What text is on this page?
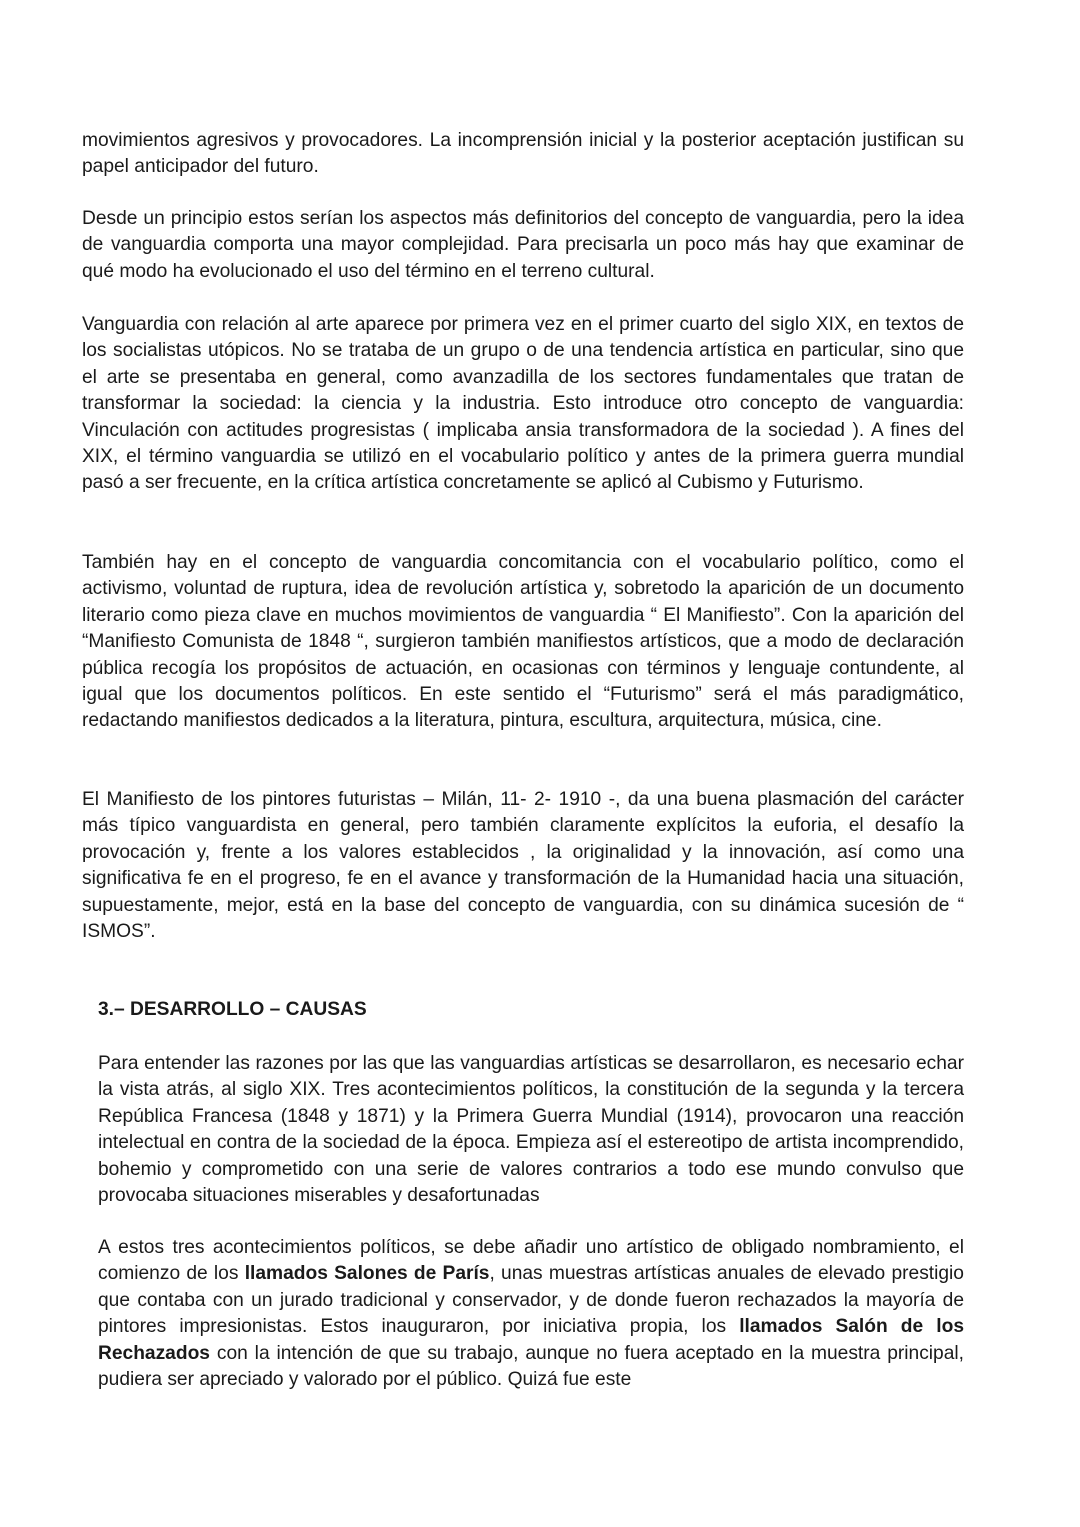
movimientos agresivos y provocadores. La incomprensión inicial y la posterior aceptación justifican su papel anticipador del futuro.

Desde un principio estos serían los aspectos más definitorios del concepto de vanguardia, pero la idea de vanguardia comporta una mayor complejidad. Para precisarla un poco más hay que examinar de qué modo ha evolucionado el uso del término en el terreno cultural.

Vanguardia con relación al arte aparece por primera vez en el primer cuarto del siglo XIX, en textos de los socialistas utópicos. No se trataba de un grupo o de una tendencia artística en particular, sino que el arte se presentaba en general, como avanzadilla de los sectores fundamentales que tratan de transformar la sociedad: la ciencia y la industria. Esto introduce otro concepto de vanguardia: Vinculación con actitudes progresistas ( implicaba ansia transformadora de la sociedad ). A fines del XIX, el término vanguardia se utilizó en el vocabulario político y antes de la primera guerra mundial pasó a ser frecuente, en la crítica artística concretamente se aplicó al Cubismo y Futurismo.

También hay en el concepto de vanguardia concomitancia con el vocabulario político, como el activismo, voluntad de ruptura, idea de revolución artística y, sobretodo la aparición de un documento literario como pieza clave en muchos movimientos de vanguardia “ El Manifiesto”. Con la aparición del “Manifiesto Comunista de 1848 “, surgieron también manifiestos artísticos, que a modo de declaración pública recogía los propósitos de actuación, en ocasionas con términos y lenguaje contundente, al igual que los documentos políticos. En este sentido el “Futurismo” será el más paradigmático, redactando manifiestos dedicados a la literatura, pintura, escultura, arquitectura, música, cine.

El Manifiesto de los pintores futuristas – Milán, 11- 2- 1910 -, da una buena plasmación del carácter más típico vanguardista en general, pero también claramente explícitos la euforia, el desafío la provocación y, frente a los valores establecidos , la originalidad y la innovación, así como una significativa fe en el progreso, fe en el avance y transformación de la Humanidad hacia una situación, supuestamente, mejor, está en la base del concepto de vanguardia, con su dinámica sucesión de “ ISMOS”.

3.– DESARROLLO – CAUSAS

Para entender las razones por las que las vanguardias artísticas se desarrollaron, es necesario echar la vista atrás, al siglo XIX. Tres acontecimientos políticos, la constitución de la segunda y la tercera República Francesa (1848 y 1871) y la Primera Guerra Mundial (1914), provocaron una reacción intelectual en contra de la sociedad de la época. Empieza así el estereotipo de artista incomprendido, bohemio y comprometido con una serie de valores contrarios a todo ese mundo convulso que provocaba situaciones miserables y desafortunadas

A estos tres acontecimientos políticos, se debe añadir uno artístico de obligado nombramiento, el comienzo de los llamados Salones de París, unas muestras artísticas anuales de elevado prestigio que contaba con un jurado tradicional y conservador, y de donde fueron rechazados la mayoría de pintores impresionistas. Estos inauguraron, por iniciativa propia, los llamados Salón de los Rechazados con la intención de que su trabajo, aunque no fuera aceptado en la muestra principal, pudiera ser apreciado y valorado por el público. Quizá fue este
